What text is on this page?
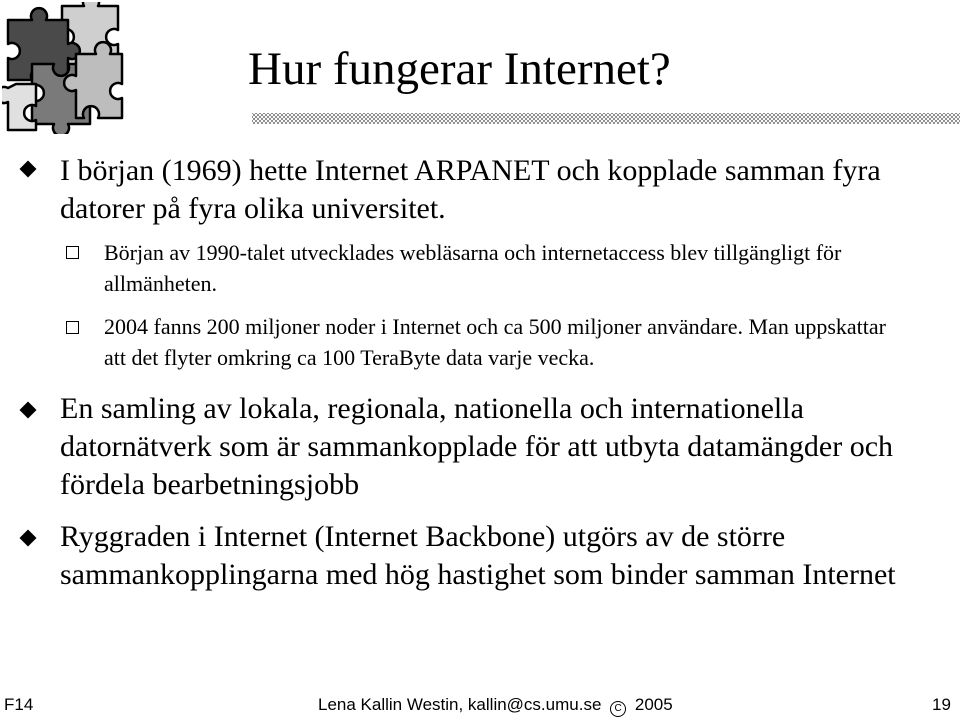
Hur fungerar Internet?

I början (1969) hette Internet ARPANET och kopplade samman fyra datorer på fyra olika universitet.

Början av 1990-talet utvecklades webläsarna och internetaccess blev tillgängligt för allmänheten.

2004 fanns 200 miljoner noder i Internet och ca 500 miljoner användare. Man uppskattar att det flyter omkring ca 100 TeraByte data varje vecka.

En samling av lokala, regionala, nationella och internationella datornätverk som är sammankopplade för att utbyta datamängder och fördela bearbetningsjobb

Ryggraden i Internet (Internet Backbone) utgörs av de större sammankopplingarna med hög hastighet som binder samman Internet

F14	Lena Kallin Westin, kallin@cs.umu.se C 2005	19
